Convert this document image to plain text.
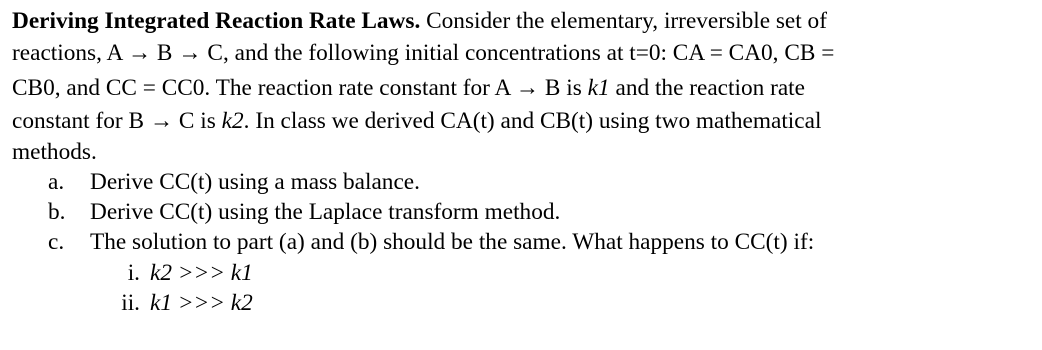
Deriving Integrated Reaction Rate Laws. Consider the elementary, irreversible set of
reactions, A → B → C, and the following initial concentrations at t=0: CA = CA0, CB =
CB0, and CC = CC0. The reaction rate constant for A → B is k1 and the reaction rate
constant for B → C is k2. In class we derived CA(t) and CB(t) using two mathematical
methods.
a. Derive CC(t) using a mass balance.
b. Derive CC(t) using the Laplace transform method.
c. The solution to part (a) and (b) should be the same. What happens to CC(t) if:
i. k2 >>> k1
ii. k1 >>> k2
